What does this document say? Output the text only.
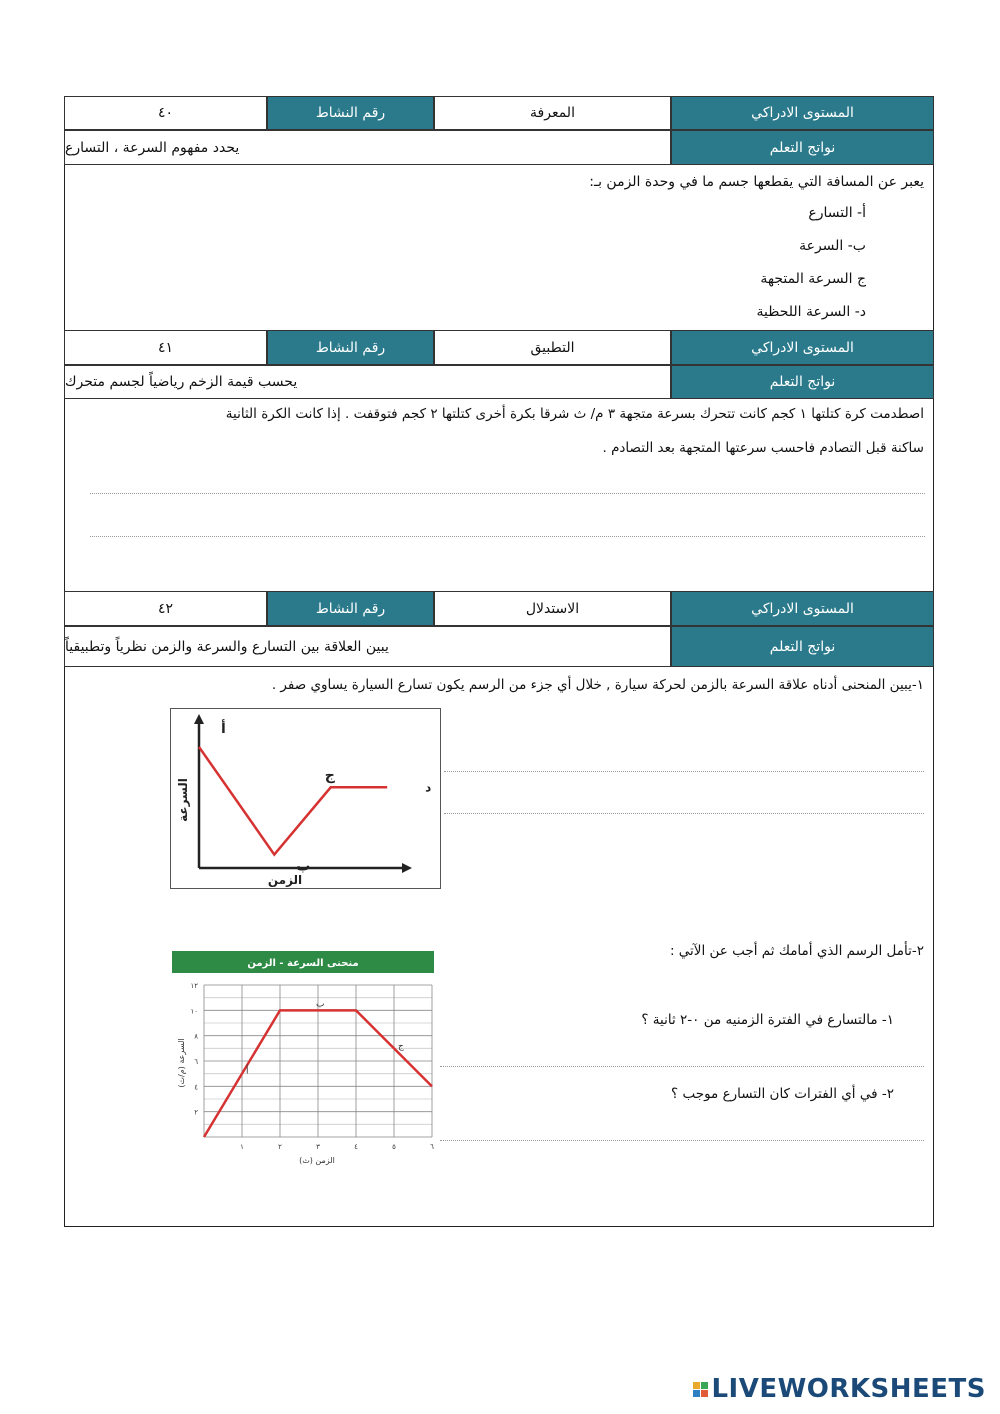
٤٠	رقم النشاط	المعرفة	المستوى الادراكي
يحدد مفهوم السرعة ، التسارع	نواتج التعلم
يعبر عن المسافة التي يقطعها جسم ما في وحدة الزمن بـ:
أ- التسارع
ب- السرعة
ج السرعة المتجهة
د- السرعة اللحظية
٤١	رقم النشاط	التطبيق	المستوى الادراكي
يحسب قيمة الزخم رياضياً لجسم متحرك	نواتج التعلم
اصطدمت كرة كتلتها ١ كجم كانت تتحرك بسرعة متجهة ٣ م/ ث شرقا بكرة أخرى كتلتها ٢ كجم فتوقفت . إذا كانت الكرة الثانية
ساكنة قبل التصادم فاحسب سرعتها المتجهة بعد التصادم .
٤٢	رقم النشاط	الاستدلال	المستوى الادراكي
يبين العلاقة بين التسارع والسرعة والزمن نظرياً وتطبيقياً	نواتج التعلم
١-يبين المنحنى أدناه علاقة السرعة بالزمن لحركة سيارة , خلال أي جزء من الرسم يكون تسارع السيارة يساوي صفر .
أ
ب
ج
د
الزمن
السرعة
٢-تأمل الرسم الذي أمامك ثم أجب عن الآتي :
١- مالتسارع في الفترة الزمنيه من ٠-٢ ثانية ؟
٢- في أي الفترات كان التسارع موجب ؟
منحنى السرعة - الزمن
١	٢	٣	٤	٥	٦
٢
٤
٦
٨
١٠
١٢
أ
ب
ج
الزمن (ث)
السرعة (م/ث)
LIVEWORKSHEETS
